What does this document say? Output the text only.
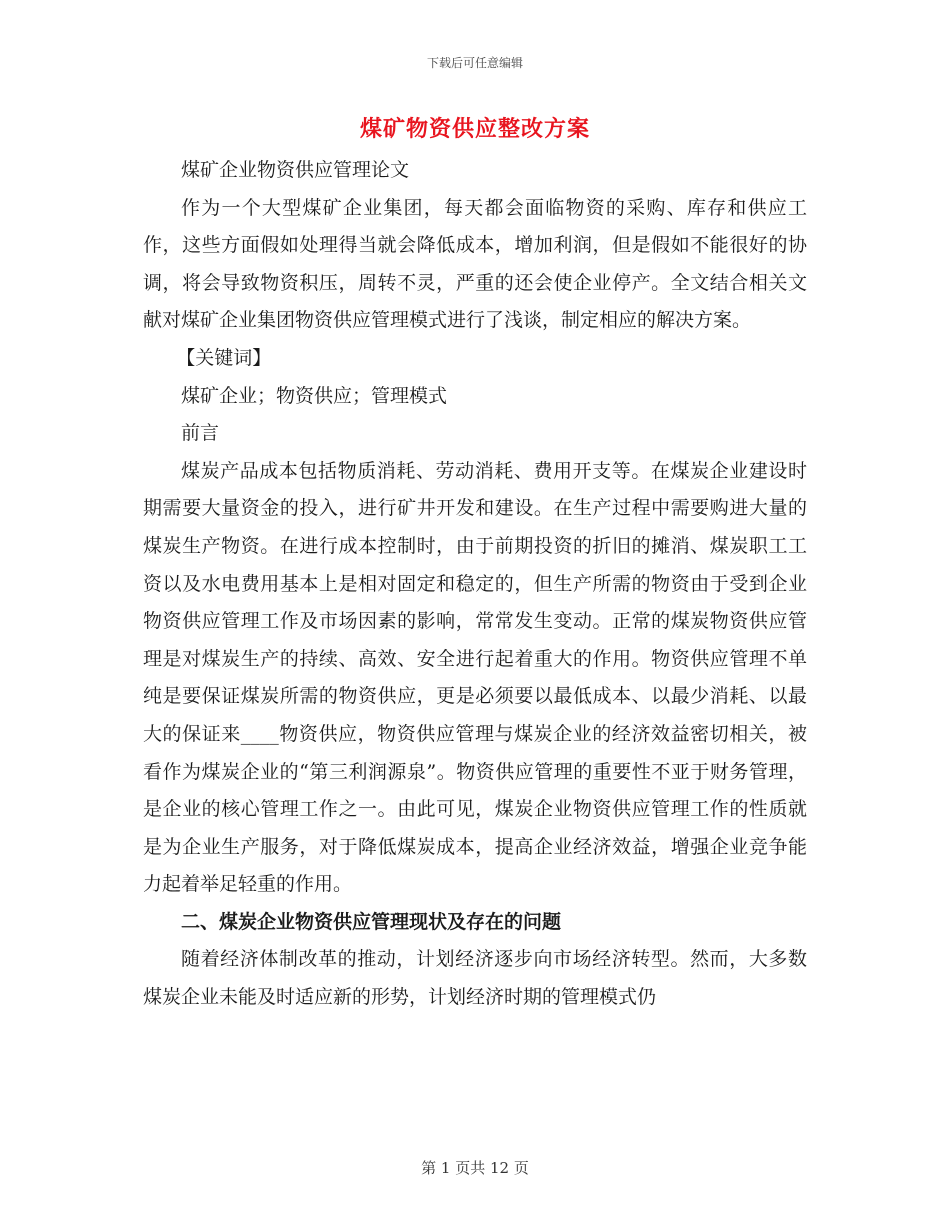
下载后可任意编辑
煤矿物资供应整改方案

煤矿企业物资供应管理论文

作为一个大型煤矿企业集团，每天都会面临物资的采购、库存和供应工作，这些方面假如处理得当就会降低成本，增加利润，但是假如不能很好的协调，将会导致物资积压，周转不灵，严重的还会使企业停产。全文结合相关文献对煤矿企业集团物资供应管理模式进行了浅谈，制定相应的解决方案。

【关键词】

煤矿企业；物资供应；管理模式

前言

煤炭产品成本包括物质消耗、劳动消耗、费用开支等。在煤炭企业建设时期需要大量资金的投入，进行矿井开发和建设。在生产过程中需要购进大量的煤炭生产物资。在进行成本控制时，由于前期投资的折旧的摊消、煤炭职工工资以及水电费用基本上是相对固定和稳定的，但生产所需的物资由于受到企业物资供应管理工作及市场因素的影响，常常发生变动。正常的煤炭物资供应管理是对煤炭生产的持续、高效、安全进行起着重大的作用。物资供应管理不单纯是要保证煤炭所需的物资供应，更是必须要以最低成本、以最少消耗、以最大的保证来____物资供应，物资供应管理与煤炭企业的经济效益密切相关，被看作为煤炭企业的“第三利润源泉”。物资供应管理的重要性不亚于财务管理，是企业的核心管理工作之一。由此可见，煤炭企业物资供应管理工作的性质就是为企业生产服务，对于降低煤炭成本，提高企业经济效益，增强企业竞争能力起着举足轻重的作用。

二、煤炭企业物资供应管理现状及存在的问题

随着经济体制改革的推动，计划经济逐步向市场经济转型。然而，大多数煤炭企业未能及时适应新的形势，计划经济时期的管理模式仍

第 1 页共 12 页
